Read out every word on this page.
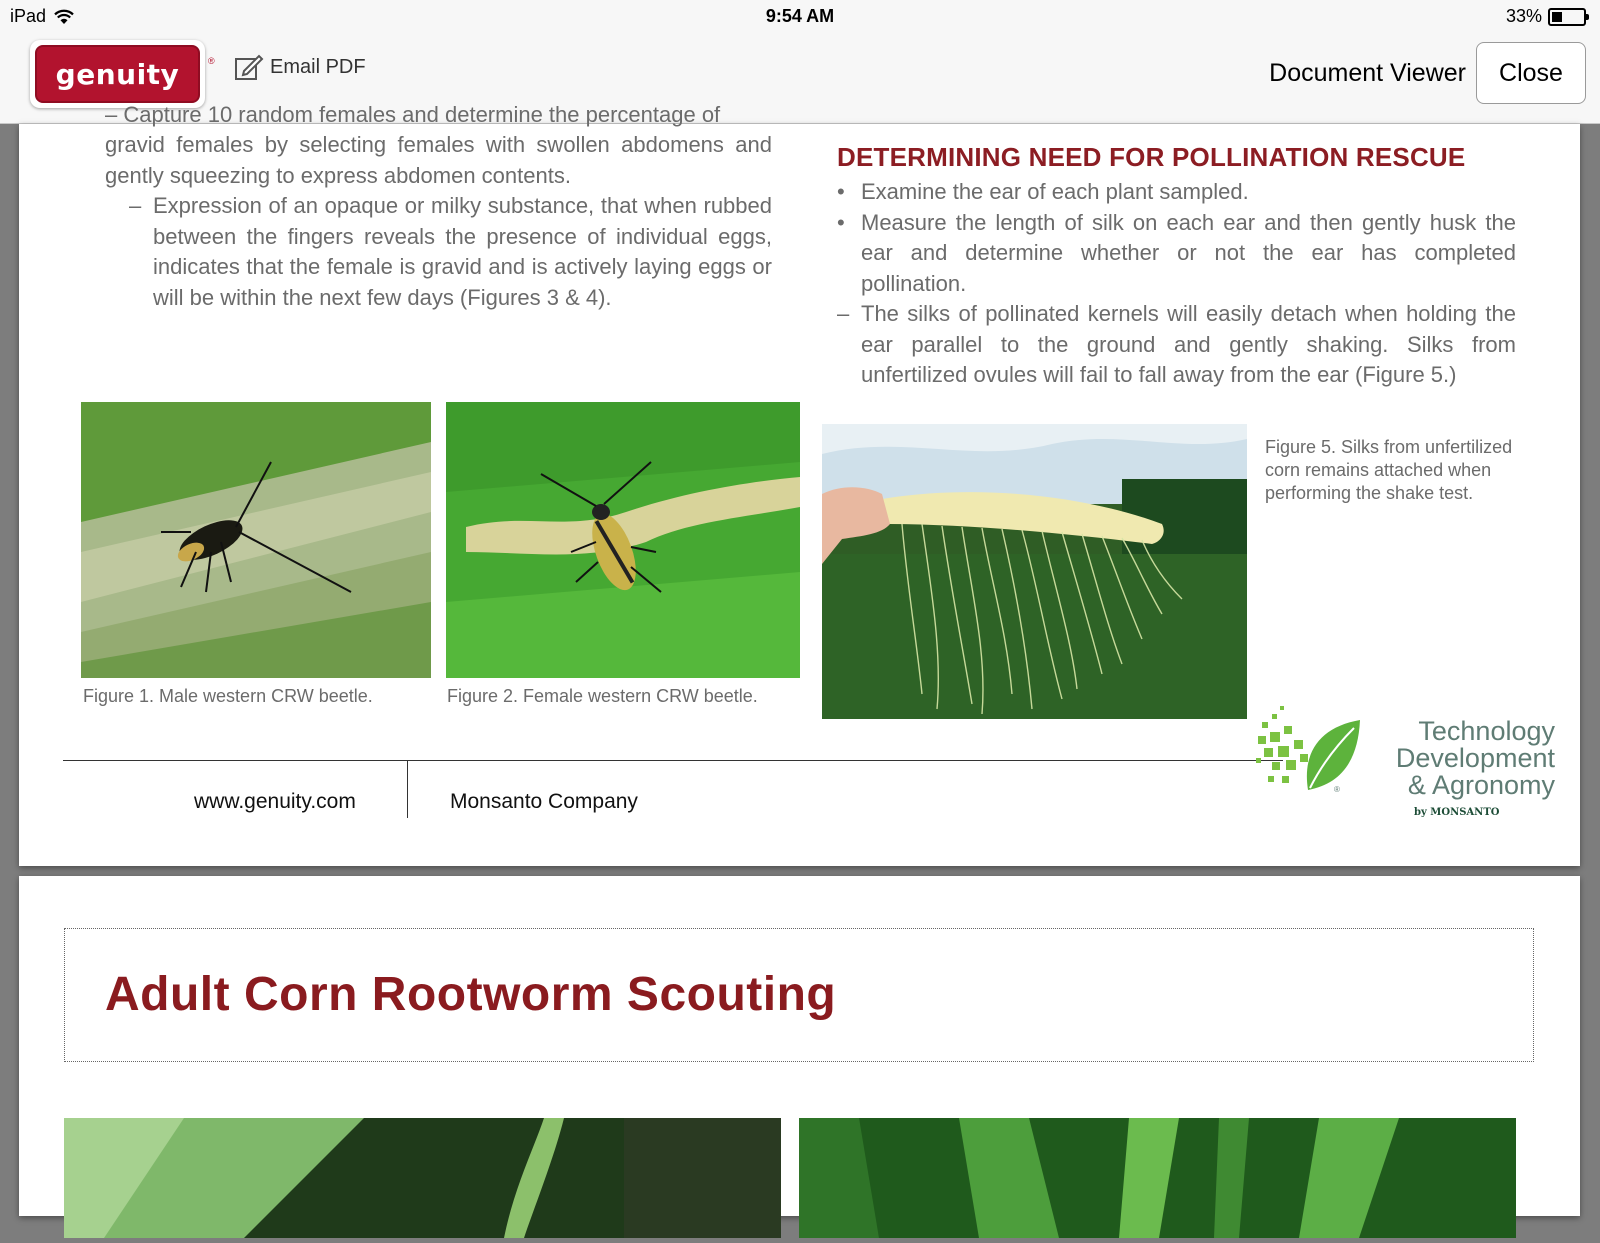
iPad	9:54 AM	33%
genuity	®	Email PDF	Document Viewer	Close
– Capture 10 random females and determine the percentage of

gravid females by selecting females with swollen abdomens and gently squeezing to express abdomen contents.

– Expression of an opaque or milky substance, that when rubbed between the fingers reveals the presence of individual eggs, indicates that the female is gravid and is actively laying eggs or will be within the next few days (Figures 3 & 4).
DETERMINING NEED FOR POLLINATION RESCUE
• Examine the ear of each plant sampled.
• Measure the length of silk on each ear and then gently husk the ear and determine whether or not the ear has completed pollination.
– The silks of pollinated kernels will easily detach when holding the ear parallel to the ground and gently shaking. Silks from unfertilized ovules will fail to fall away from the ear (Figure 5.)
Figure 1. Male western CRW beetle.	Figure 2. Female western CRW beetle.
Figure 5. Silks from unfertilized corn remains attached when performing the shake test.
www.genuity.com	Monsanto Company
®
Technology
Development
& Agronomy
by MONSANTO
Adult Corn Rootworm Scouting
